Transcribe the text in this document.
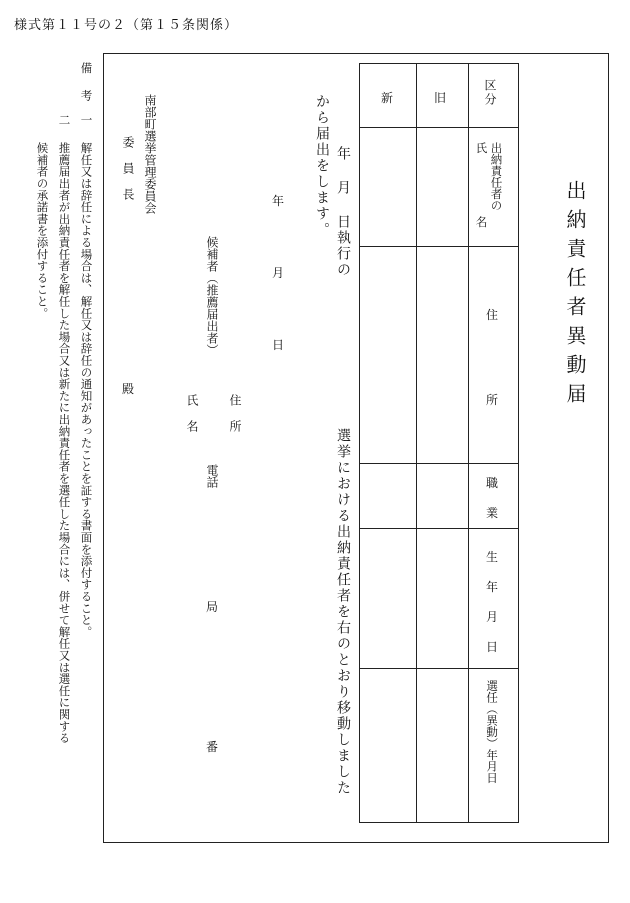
様式第１１号の２（第１５条関係）
出納責任者異動届
新	旧	区分
出納責任者の
氏
名
住
所
職
業
生
年
月
日
選任（異動）年月日
年 月 日執行の
選挙における出納責任者を右のとおり移動しました
から届出をします。
年
月
日
候補者（推薦届出者）
住 所
氏 名
電話
局
番
南部町選挙管理委員会
委 員 長
殿
備 考
一
解任又は辞任による場合は、解任又は辞任の通知があったことを証する書面を添付すること。
二
推薦届出者が出納責任者を解任した場合又は新たに出納責任者を選任した場合には、併せて解任又は選任に関する
候補者の承諾書を添付すること。
